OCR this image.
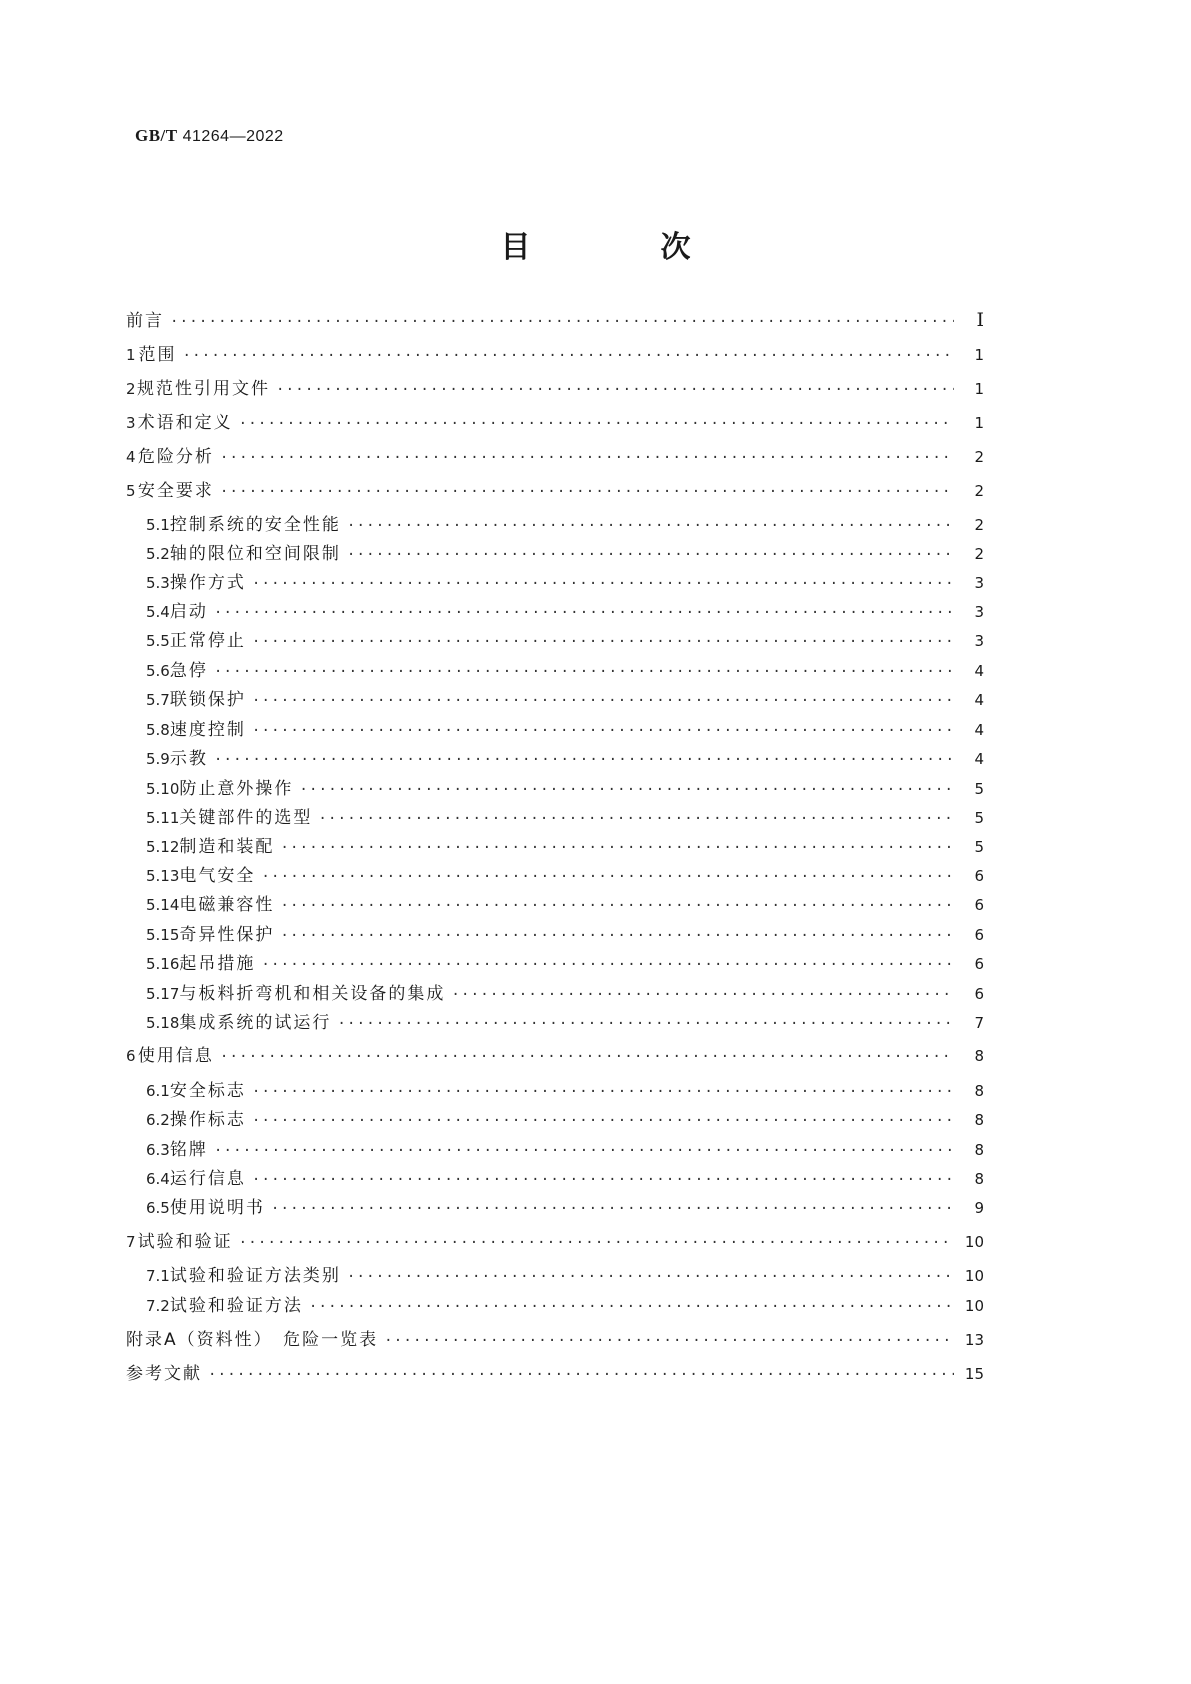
GB/T 41264—2022
目　次
前言 ·····	Ⅰ
1 范围 ·····	1
2 规范性引用文件 ·····	1
3 术语和定义 ·····	1
4 危险分析 ·····	2
5 安全要求 ·····	2
5.1 控制系统的安全性能 ·····	2
5.2 轴的限位和空间限制 ·····	2
5.3 操作方式 ·····	3
5.4 启动 ·····	3
5.5 正常停止 ·····	3
5.6 急停 ·····	4
5.7 联锁保护 ·····	4
5.8 速度控制 ·····	4
5.9 示教 ·····	4
5.10 防止意外操作 ·····	5
5.11 关键部件的选型 ·····	5
5.12 制造和装配 ·····	5
5.13 电气安全 ·····	6
5.14 电磁兼容性 ·····	6
5.15 奇异性保护 ·····	6
5.16 起吊措施 ·····	6
5.17 与板料折弯机和相关设备的集成 ·····	6
5.18 集成系统的试运行 ·····	7
6 使用信息 ·····	8
6.1 安全标志 ·····	8
6.2 操作标志 ·····	8
6.3 铭牌 ·····	8
6.4 运行信息 ·····	8
6.5 使用说明书 ·····	9
7 试验和验证 ·····	10
7.1 试验和验证方法类别 ·····	10
7.2 试验和验证方法 ·····	10
附录A（资料性）　危险一览表 ·····	13
参考文献 ·····	15
